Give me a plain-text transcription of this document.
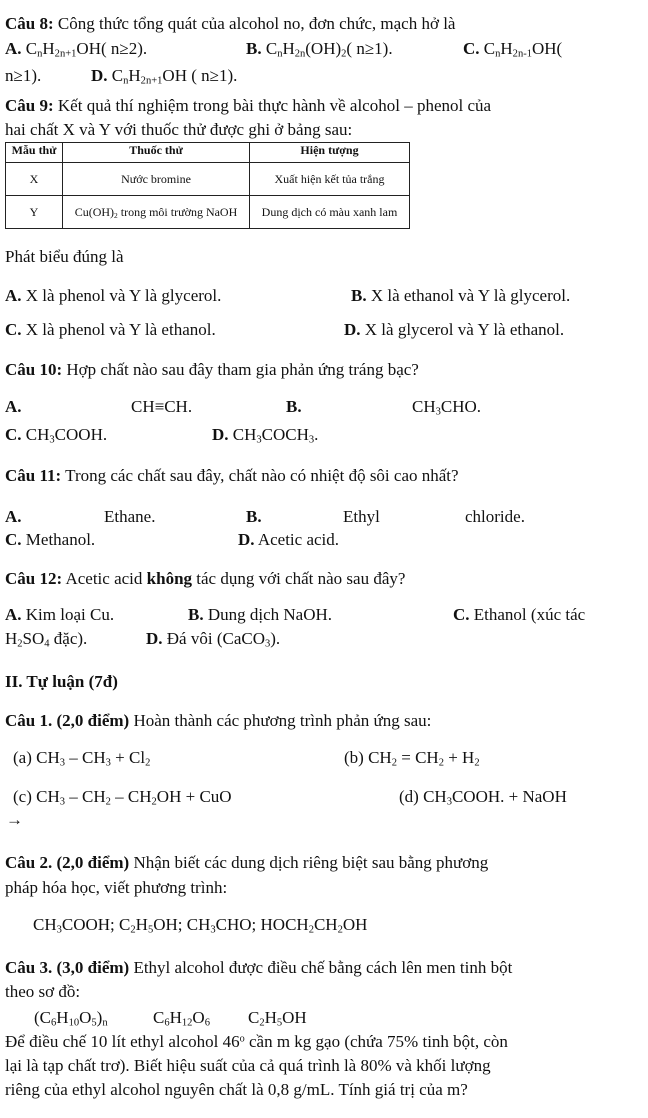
Câu 8: Công thức tổng quát của alcohol no, đơn chức, mạch hở là
A. $C_nH_{2n+1}OH$( n≥2).	B. $C_nH_{2n}(OH)_2$( n≥1).	C. $C_nH_{2n-1}OH$(
n≥1).	D. $C_nH_{2n+1}OH$ ( n≥1).
Câu 9: Kết quả thí nghiệm trong bài thực hành về alcohol – phenol của
hai chất X và Y với thuốc thử được ghi ở bảng sau:
Mẫu thử	Thuốc thử	Hiện tượng
X	Nước bromine	Xuất hiện kết tủa trắng
Y	$Cu(OH)_2$ trong môi trường NaOH	Dung dịch có màu xanh lam
Phát biểu đúng là
A. X là phenol và Y là glycerol.	B. X là ethanol và Y là glycerol.
C. X là phenol và Y là ethanol.	D. X là glycerol và Y là ethanol.
Câu 10: Hợp chất nào sau đây tham gia phản ứng tráng bạc?
A.	CH≡CH.	B.	$CH_3CHO$.
C. $CH_3COOH$.	D. $CH_3COCH_3$.
Câu 11: Trong các chất sau đây, chất nào có nhiệt độ sôi cao nhất?
A.	Ethane.	B.	Ethyl	chloride.
C. Methanol.	D. Acetic acid.
Câu 12: Acetic acid không tác dụng với chất nào sau đây?
A. Kim loại Cu.	B. Dung dịch NaOH.	C. Ethanol (xúc tác
$H_2SO_4$ đặc).	D. Đá vôi (CaCO$_3$).
II. Tự luận (7đ)
Câu 1. (2,0 điểm) Hoàn thành các phương trình phản ứng sau:
(a) $CH_3 - CH_3 + Cl_2$	(b) $CH_2 = CH_2 + H_2$
(c) $CH_3 - CH_2 - CH_2OH$ + CuO	(d) $CH_3COOH$. + NaOH
→
Câu 2. (2,0 điểm) Nhận biết các dung dịch riêng biệt sau bằng phương
pháp hóa học, viết phương trình:
$CH_3COOH$; $C_2H_5OH$; $CH_3CHO$; $HOCH_2CH_2OH$
Câu 3. (3,0 điểm) Ethyl alcohol được điều chế bằng cách lên men tinh bột
theo sơ đồ:
$(C_6H_{10}O_5)_n$	$C_6H_{12}O_6$ $C_2H_5OH$
Để điều chế 10 lít ethyl alcohol 46$^o$ cần m kg gạo (chứa 75% tinh bột, còn
lại là tạp chất trơ). Biết hiệu suất của cả quá trình là 80% và khối lượng
riêng của ethyl alcohol nguyên chất là 0,8 g/mL. Tính giá trị của m?
